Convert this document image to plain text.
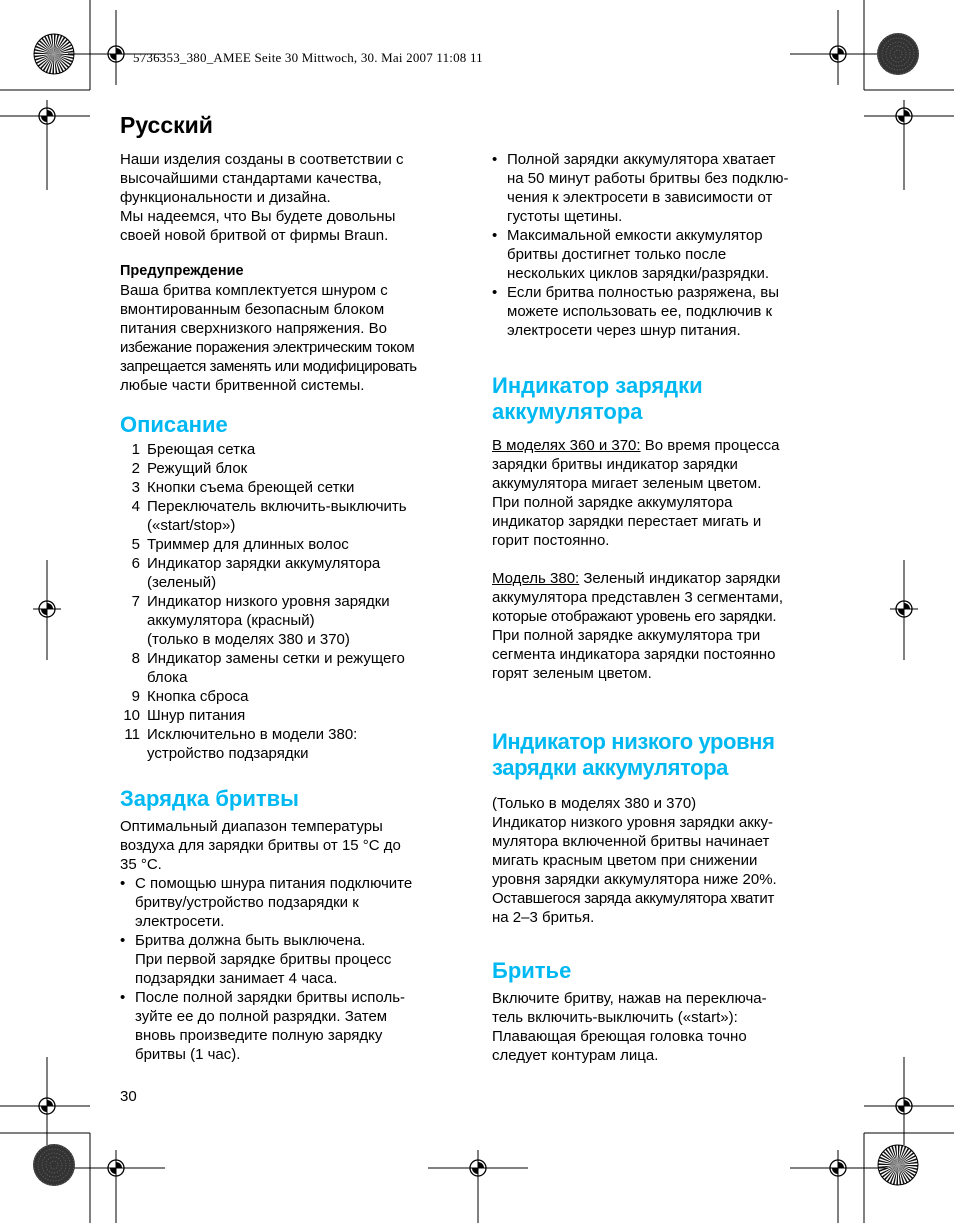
5736353_380_AMEE Seite 30 Mittwoch, 30. Mai 2007 11:08 11
Русский
Наши изделия созданы в соответствии с
высочайшими стандартами качества,
функциональности и дизайна.
Мы надеемся, что Вы будете довольны
своей новой бритвой от фирмы Braun.
Предупреждение
Ваша бритва комплектуется шнуром с
вмонтированным безопасным блоком
питания сверхнизкого напряжения. Во
избежание поражения электрическим током
запрещается заменять или модифицировать
любые части бритвенной системы.
Описание
1 Бреющая сетка
2 Режущий блок
3 Кнопки съема бреющей сетки
4 Переключатель включить-выключить
(«start/stop»)
5 Триммер для длинных волос
6 Индикатор зарядки аккумулятора
(зеленый)
7 Индикатор низкого уровня зарядки
аккумулятора (красный)
(только в моделях 380 и 370)
8 Индикатор замены сетки и режущего
блока
9 Кнопка сброса
10 Шнур питания
11 Исключительно в модели 380:
устройство подзарядки
Зарядка бритвы
Оптимальный диапазон температуры
воздуха для зарядки бритвы от 15 °C до
35 °C.
• С помощью шнура питания подключите
бритву/устройство подзарядки к
электросети.
• Бритва должна быть выключена.
При первой зарядке бритвы процесс
подзарядки занимает 4 часа.
• После полной зарядки бритвы исполь-
зуйте ее до полной разрядки. Затем
вновь произведите полную зарядку
бритвы (1 час).
30
• Полной зарядки аккумулятора хватает
на 50 минут работы бритвы без подклю-
чения к электросети в зависимости от
густоты щетины.
• Максимальной емкости аккумулятор
бритвы достигнет только после
нескольких циклов зарядки/разрядки.
• Если бритва полностью разряжена, вы
можете использовать ее, подключив к
электросети через шнур питания.
Индикатор зарядки
аккумулятора
В моделях 360 и 370: Во время процесса
зарядки бритвы индикатор зарядки
аккумулятора мигает зеленым цветом.
При полной зарядке аккумулятора
индикатор зарядки перестает мигать и
горит постоянно.
Модель 380: Зеленый индикатор зарядки
аккумулятора представлен 3 сегментами,
которые отображают уровень его зарядки.
При полной зарядке аккумулятора три
сегмента индикатора зарядки постоянно
горят зеленым цветом.
Индикатор низкого уровня
зарядки аккумулятора
(Только в моделях 380 и 370)
Индикатор низкого уровня зарядки акку-
мулятора включенной бритвы начинает
мигать красным цветом при снижении
уровня зарядки аккумулятора ниже 20%.
Оставшегося заряда аккумулятора хватит
на 2–3 бритья.
Бритье
Включите бритву, нажав на переключа-
тель включить-выключить («start»):
Плавающая бреющая головка точно
следует контурам лица.
